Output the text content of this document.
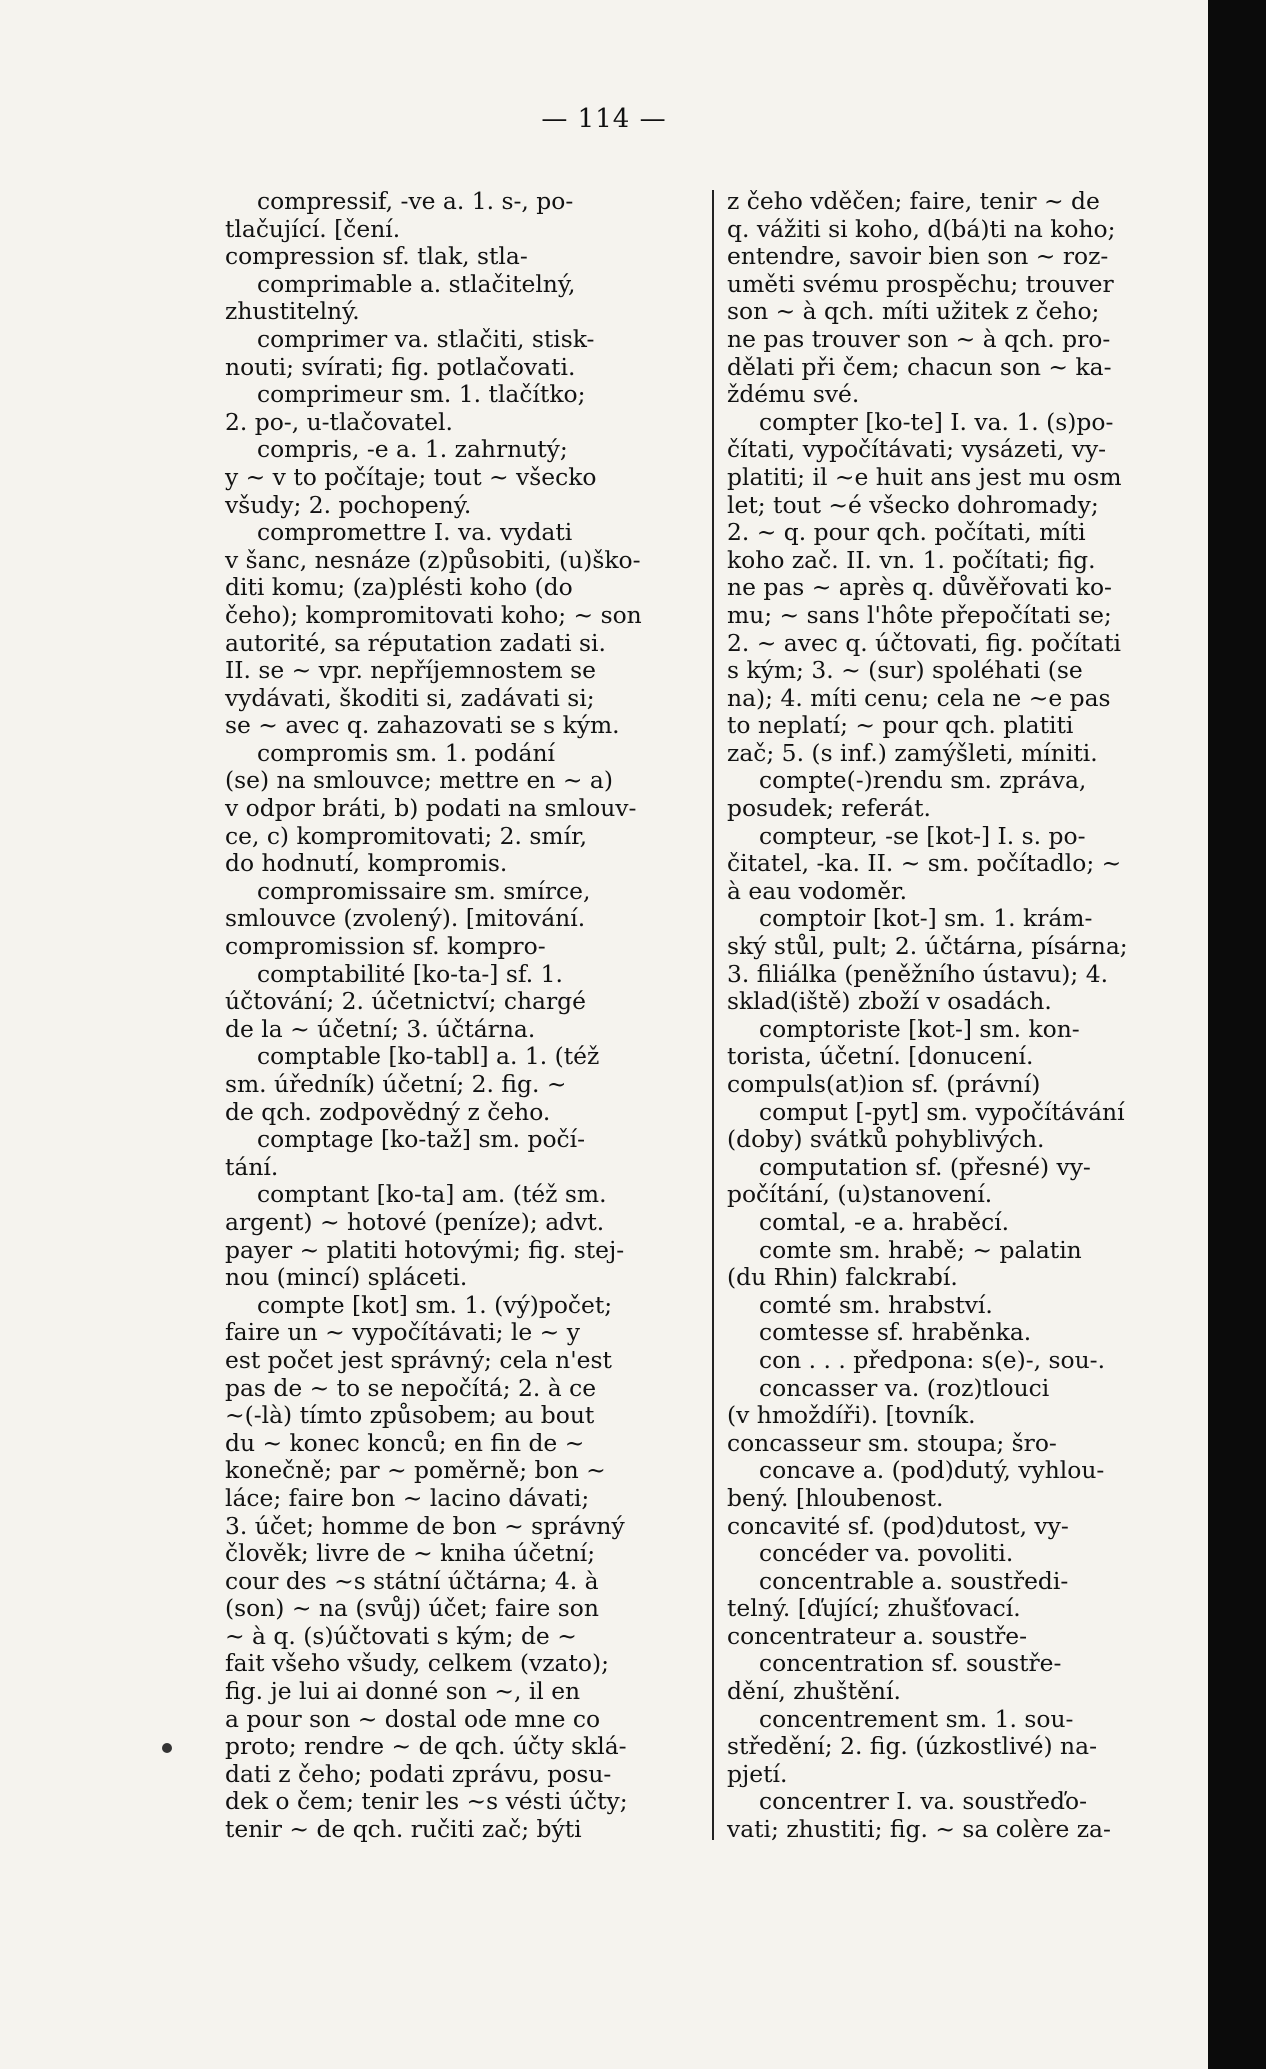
— 114 —
compressif, -ve a. 1. s-, po-
tlačující. [čení.
compression sf. tlak, stla-
comprimable a. stlačitelný,
zhustitelný.
comprimer va. stlačiti, stisk-
nouti; svírati; fig. potlačovati.
comprimeur sm. 1. tlačítko;
2. po-, u-tlačovatel.
compris, -e a. 1. zahrnutý;
y ~ v to počítaje; tout ~ všecko
všudy; 2. pochopený.
compromettre I. va. vydati
v šanc, nesnáze (z)působiti, (u)ško-
diti komu; (za)plésti koho (do
čeho); kompromitovati koho; ~ son
autorité, sa réputation zadati si.
II. se ~ vpr. nepříjemnostem se
vydávati, škoditi si, zadávati si;
se ~ avec q. zahazovati se s kým.
compromis sm. 1. podání
(se) na smlouvce; mettre en ~ a)
v odpor bráti, b) podati na smlouv-
ce, c) kompromitovati; 2. smír,
do hodnutí, kompromis.
compromissaire sm. smírce,
smlouvce (zvolený). [mitování.
compromission sf. kompro-
comptabilité [ko-ta-] sf. 1.
účtování; 2. účetnictví; chargé
de la ~ účetní; 3. účtárna.
comptable [ko-tabl] a. 1. (též
sm. úředník) účetní; 2. fig. ~
de qch. zodpovědný z čeho.
comptage [ko-taž] sm. počí-
tání.
comptant [ko-ta] am. (též sm.
argent) ~ hotové (peníze); advt.
payer ~ platiti hotovými; fig. stej-
nou (mincí) spláceti.
compte [kot] sm. 1. (vý)počet;
faire un ~ vypočítávati; le ~ y
est počet jest správný; cela n'est
pas de ~ to se nepočítá; 2. à ce
~(-là) tímto způsobem; au bout
du ~ konec konců; en fin de ~
konečně; par ~ poměrně; bon ~
láce; faire bon ~ lacino dávati;
3. účet; homme de bon ~ správný
člověk; livre de ~ kniha účetní;
cour des ~s státní účtárna; 4. à
(son) ~ na (svůj) účet; faire son
~ à q. (s)účtovati s kým; de ~
fait všeho všudy, celkem (vzato);
fig. je lui ai donné son ~, il en
a pour son ~ dostal ode mne co
proto; rendre ~ de qch. účty sklá-
dati z čeho; podati zprávu, posu-
dek o čem; tenir les ~s vésti účty;
tenir ~ de qch. ručiti zač; býti
z čeho vděčen; faire, tenir ~ de
q. vážiti si koho, d(bá)ti na koho;
entendre, savoir bien son ~ roz-
uměti svému prospěchu; trouver
son ~ à qch. míti užitek z čeho;
ne pas trouver son ~ à qch. pro-
dělati při čem; chacun son ~ ka-
ždému své.
compter [ko-te] I. va. 1. (s)po-
čítati, vypočítávati; vysázeti, vy-
platiti; il ~e huit ans jest mu osm
let; tout ~é všecko dohromady;
2. ~ q. pour qch. počítati, míti
koho zač. II. vn. 1. počítati; fig.
ne pas ~ après q. důvěřovati ko-
mu; ~ sans l'hôte přepočítati se;
2. ~ avec q. účtovati, fig. počítati
s kým; 3. ~ (sur) spoléhati (se
na); 4. míti cenu; cela ne ~e pas
to neplatí; ~ pour qch. platiti
zač; 5. (s inf.) zamýšleti, míniti.
compte(-)rendu sm. zpráva,
posudek; referát.
compteur, -se [kot-] I. s. po-
čitatel, -ka. II. ~ sm. počítadlo; ~
à eau vodoměr.
comptoir [kot-] sm. 1. krám-
ský stůl, pult; 2. účtárna, písárna;
3. filiálka (peněžního ústavu); 4.
sklad(iště) zboží v osadách.
comptoriste [kot-] sm. kon-
torista, účetní. [donucení.
compuls(at)ion sf. (právní)
comput [-pyt] sm. vypočítávání
(doby) svátků pohyblivých.
computation sf. (přesné) vy-
počítání, (u)stanovení.
comtal, -e a. hraběcí.
comte sm. hrabě; ~ palatin
(du Rhin) falckrabí.
comté sm. hrabství.
comtesse sf. hraběnka.
con . . . předpona: s(e)-, sou-.
concasser va. (roz)tlouci
(v hmoždíři). [tovník.
concasseur sm. stoupa; šro-
concave a. (pod)dutý, vyhlou-
bený. [hloubenost.
concavité sf. (pod)dutost, vy-
concéder va. povoliti.
concentrable a. soustředi-
telný. [ďující; zhušťovací.
concentrateur a. soustře-
concentration sf. soustře-
dění, zhuštění.
concentrement sm. 1. sou-
středění; 2. fig. (úzkostlivé) na-
pjetí.
concentrer I. va. soustřeďo-
vati; zhustiti; fig. ~ sa colère za-
